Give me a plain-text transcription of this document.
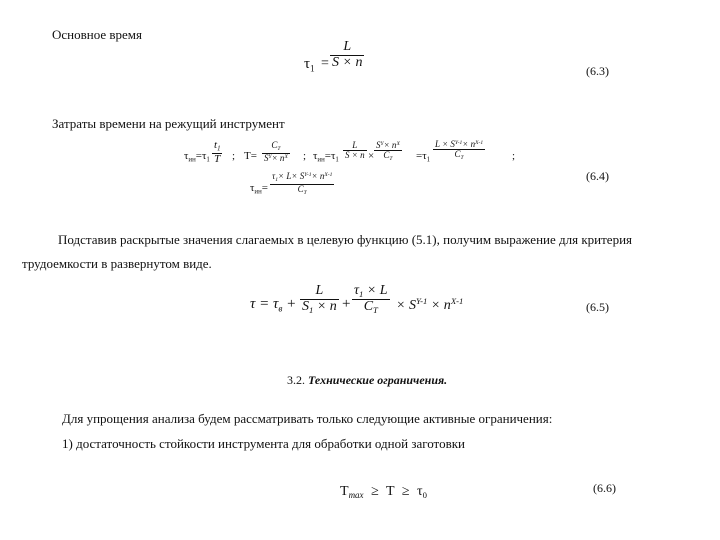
Основное время
$\tau_1 = \frac{L}{S \times n}$
(6.3)
Затраты времени на режущий инструмент
$\tau_{ин}=\tau_1 \frac{t_1}{T}$ ; $T= \frac{C_T}{S^Y\times n^X}$ ; $\tau_{ин}=\tau_1 \frac{L}{S \times n} \times \frac{S^Y\times n^X}{C_T} =\tau_1 \frac{L \times S^{Y-1}\times n^{X-1}}{C_T}$ ;
$\tau_{ин}= \frac{\tau_1\times L\times S^{Y-1}\times n^{X-1}}{C_T}$	(6.4)
Подставив раскрытые значения слагаемых в целевую функцию (5.1), получим выражение для критерия
трудоемкости в развернутом виде.
$\tau = \tau_в + \frac{L}{S_1 \times n} + \frac{\tau_1 \times L}{C_T} \times S^{Y-1} \times n^{X-1}$	(6.5)
3.2. Технические ограничения.
Для упрощения анализа будем рассматривать только следующие активные ограничения:
1) достаточность стойкости инструмента для обработки одной заготовки
$T_{max} \ge T \ge \tau_0$
(6.6)
